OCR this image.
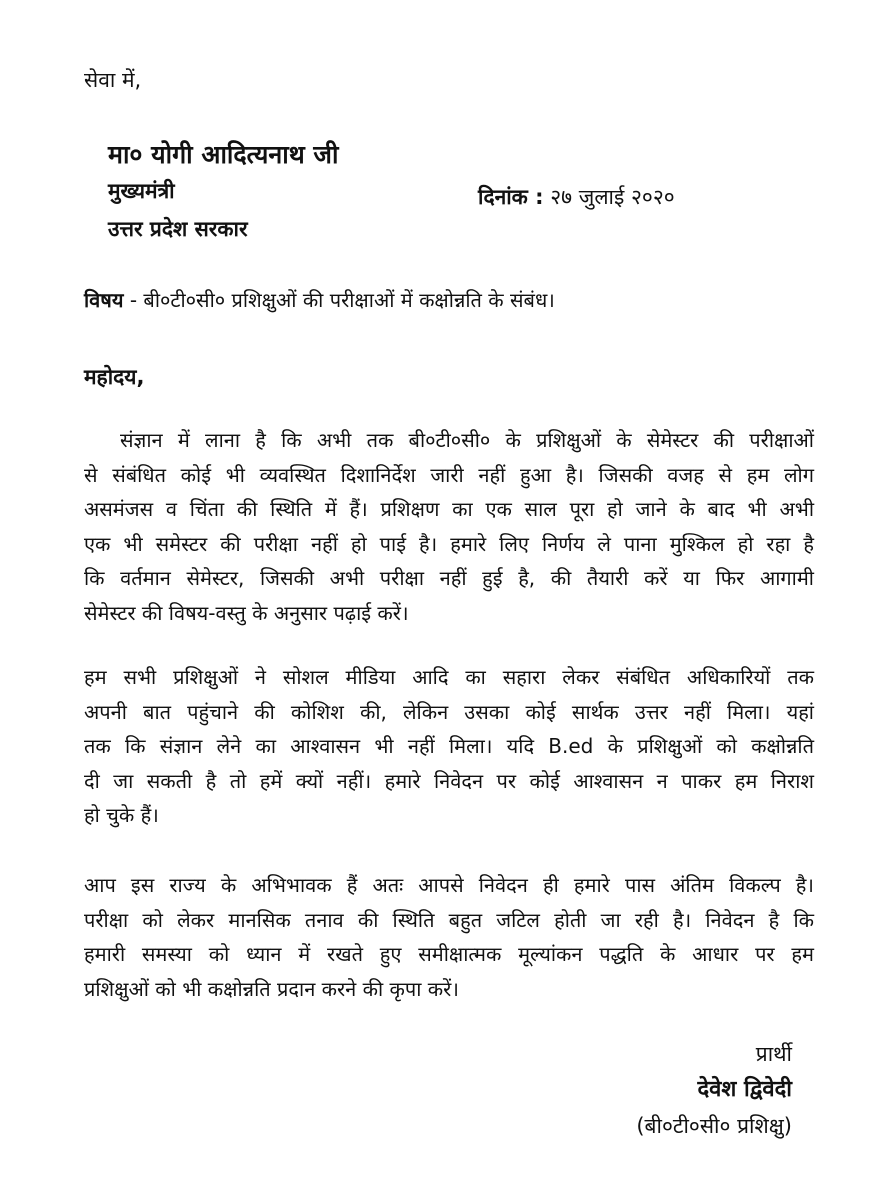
सेवा में,
मा० योगी आदित्यनाथ जी
मुख्यमंत्री
उत्तर प्रदेश सरकार
दिनांक : २७ जुलाई २०२०
विषय - बी०टी०सी० प्रशिक्षुओं की परीक्षाओं में कक्षोन्नति के संबंध।
महोदय,
संज्ञान में लाना है कि अभी तक बी०टी०सी० के प्रशिक्षुओं के सेमेस्टर की परीक्षाओं
से संबंधित कोई भी व्यवस्थित दिशानिर्देश जारी नहीं हुआ है। जिसकी वजह से हम लोग
असमंजस व चिंता की स्थिति में हैं। प्रशिक्षण का एक साल पूरा हो जाने के बाद भी अभी
एक भी समेस्टर की परीक्षा नहीं हो पाई है। हमारे लिए निर्णय ले पाना मुश्किल हो रहा है
कि वर्तमान सेमेस्टर, जिसकी अभी परीक्षा नहीं हुई है, की तैयारी करें या फिर आगामी
सेमेस्टर की विषय-वस्तु के अनुसार पढ़ाई करें।
हम सभी प्रशिक्षुओं ने सोशल मीडिया आदि का सहारा लेकर संबंधित अधिकारियों तक
अपनी बात पहुंचाने की कोशिश की, लेकिन उसका कोई सार्थक उत्तर नहीं मिला। यहां
तक कि संज्ञान लेने का आश्वासन भी नहीं मिला। यदि B.ed के प्रशिक्षुओं को कक्षोन्नति
दी जा सकती है तो हमें क्यों नहीं। हमारे निवेदन पर कोई आश्वासन न पाकर हम निराश
हो चुके हैं।
आप इस राज्य के अभिभावक हैं अतः आपसे निवेदन ही हमारे पास अंतिम विकल्प है।
परीक्षा को लेकर मानसिक तनाव की स्थिति बहुत जटिल होती जा रही है। निवेदन है कि
हमारी समस्या को ध्यान में रखते हुए समीक्षात्मक मूल्यांकन पद्धति के आधार पर हम
प्रशिक्षुओं को भी कक्षोन्नति प्रदान करने की कृपा करें।
प्रार्थी
देवेश द्विवेदी
(बी०टी०सी० प्रशिक्षु)
